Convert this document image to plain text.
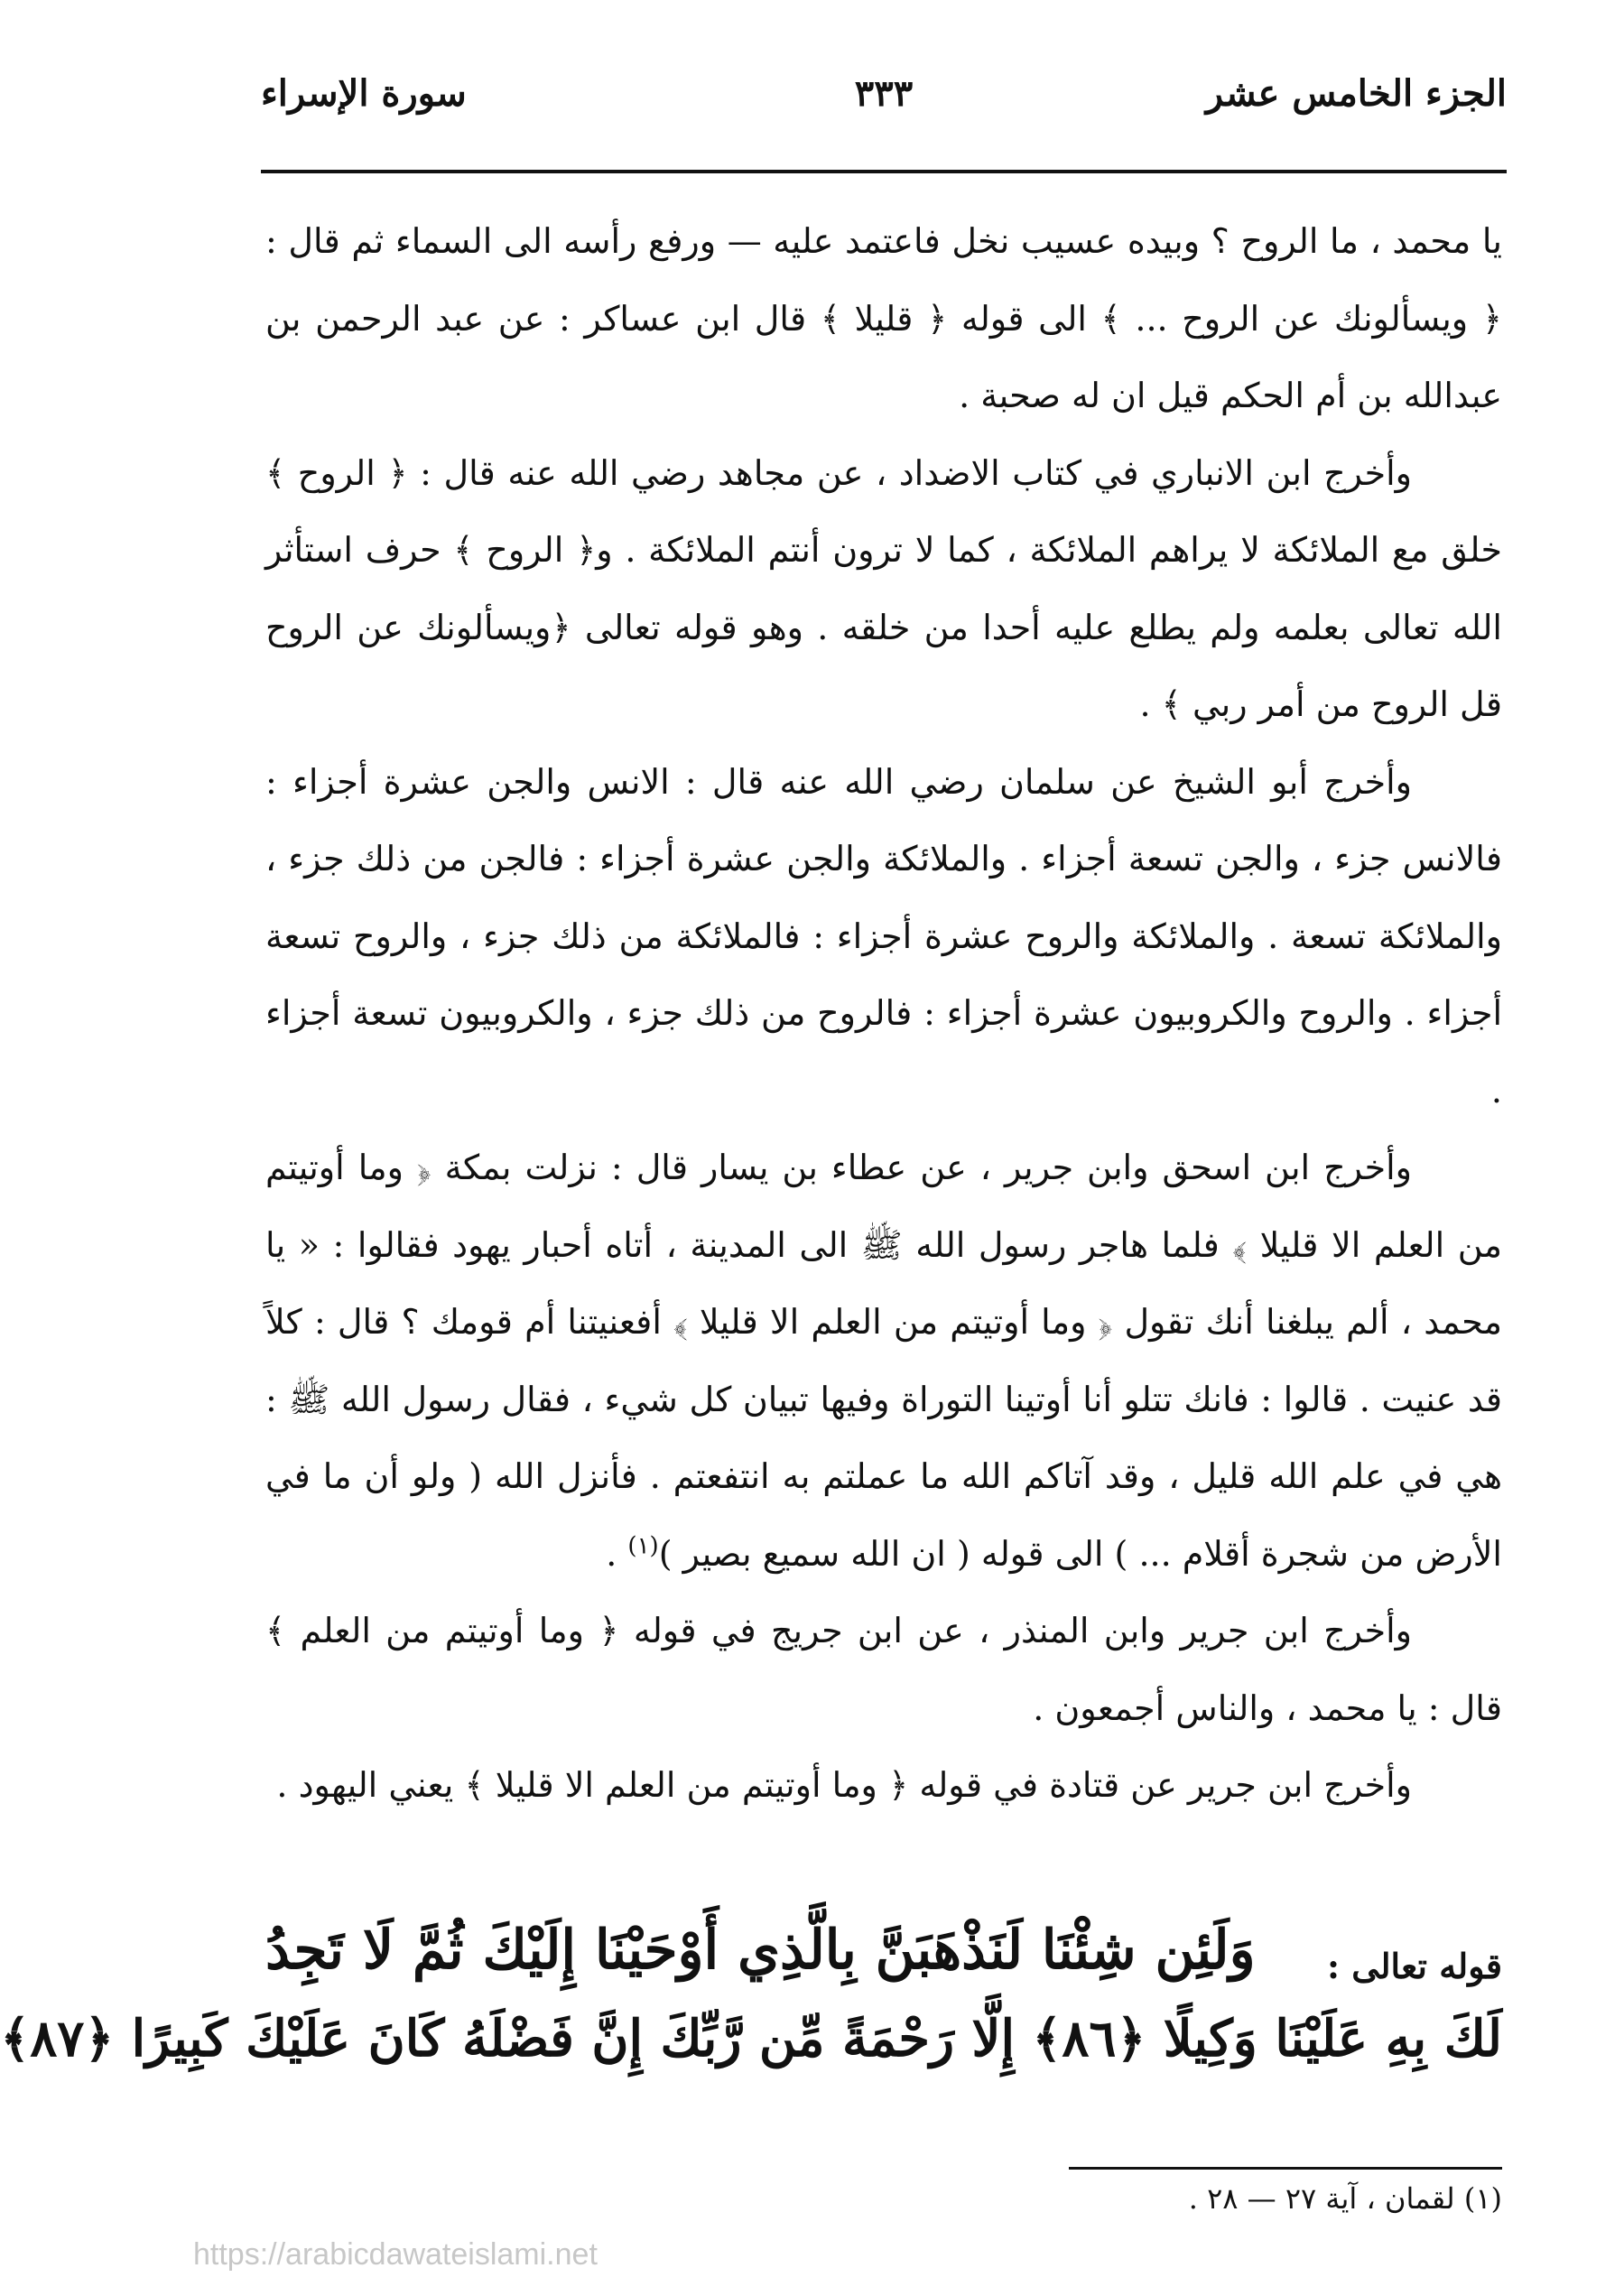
الجزء الخامس عشر
٣٣٣
سورة الإسراء

يا محمد ، ما الروح ؟ وبيده عسيب نخل فاعتمد عليه — ورفع رأسه الى السماء ثم قال : ﴿ ويسألونك عن الروح ... ﴾ الى قوله ﴿ قليلا ﴾ قال ابن عساكر : عن عبد الرحمن بن عبدالله بن أم الحكم قيل ان له صحبة .

وأخرج ابن الانباري في كتاب الاضداد ، عن مجاهد رضي الله عنه قال : ﴿ الروح ﴾ خلق مع الملائكة لا يراهم الملائكة ، كما لا ترون أنتم الملائكة . و﴿ الروح ﴾ حرف استأثر الله تعالى بعلمه ولم يطلع عليه أحدا من خلقه . وهو قوله تعالى ﴿ويسألونك عن الروح قل الروح من أمر ربي ﴾ .

وأخرج أبو الشيخ عن سلمان رضي الله عنه قال : الانس والجن عشرة أجزاء : فالانس جزء ، والجن تسعة أجزاء . والملائكة والجن عشرة أجزاء : فالجن من ذلك جزء ، والملائكة تسعة . والملائكة والروح عشرة أجزاء : فالملائكة من ذلك جزء ، والروح تسعة أجزاء . والروح والكروبيون عشرة أجزاء : فالروح من ذلك جزء ، والكروبيون تسعة أجزاء .

وأخرج ابن اسحق وابن جرير ، عن عطاء بن يسار قال : نزلت بمكة ﴿ وما أوتيتم من العلم الا قليلا ﴾ فلما هاجر رسول الله ﷺ الى المدينة ، أتاه أحبار يهود فقالوا : « يا محمد ، ألم يبلغنا أنك تقول ﴿ وما أوتيتم من العلم الا قليلا ﴾ أفعنيتنا أم قومك ؟ قال : كلاً قد عنيت . قالوا : فانك تتلو أنا أوتينا التوراة وفيها تبيان كل شيء ، فقال رسول الله ﷺ : هي في علم الله قليل ، وقد آتاكم الله ما عملتم به انتفعتم . فأنزل الله ( ولو أن ما في الأرض من شجرة أقلام ... ) الى قوله ( ان الله سميع بصير )$^{(١)}$ .

وأخرج ابن جرير وابن المنذر ، عن ابن جريج في قوله ﴿ وما أوتيتم من العلم ﴾ قال : يا محمد ، والناس أجمعون .

وأخرج ابن جرير عن قتادة في قوله ﴿ وما أوتيتم من العلم الا قليلا ﴾ يعني اليهود .

قوله تعالى :
وَلَئِن شِئْنَا لَنَذْهَبَنَّ بِالَّذِي أَوْحَيْنَا إِلَيْكَ ثُمَّ لَا تَجِدُ
لَكَ بِهِ عَلَيْنَا وَكِيلًا ﴿٨٦﴾ إِلَّا رَحْمَةً مِّن رَّبِّكَ إِنَّ فَضْلَهُ كَانَ عَلَيْكَ كَبِيرًا ﴿٨٧﴾
(١) لقمان ، آية ٢٧ — ٢٨ .
https://arabicdawateislami.net
